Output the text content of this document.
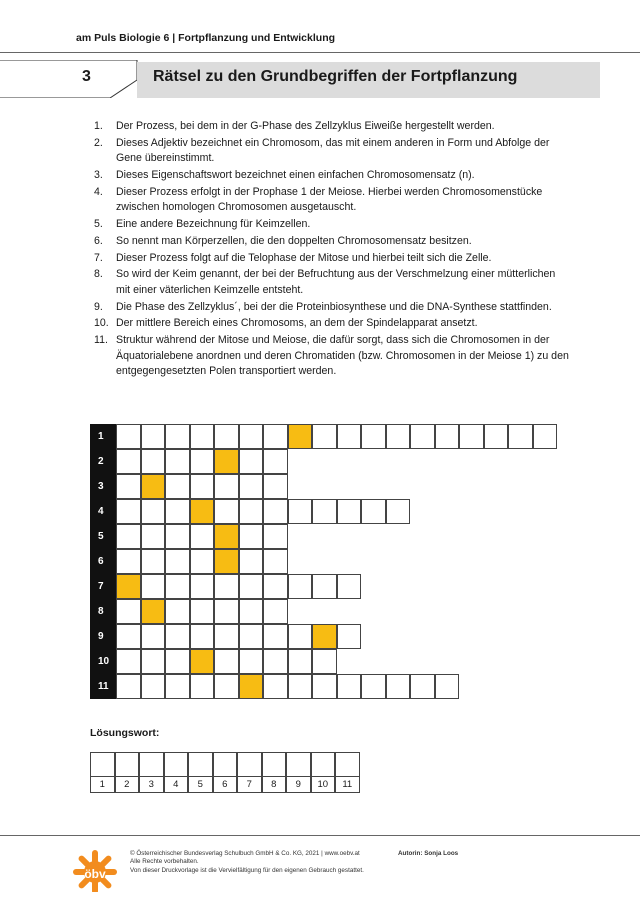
am Puls Biologie 6 | Fortpflanzung und Entwicklung
3	Rätsel zu den Grundbegriffen der Fortpflanzung
1. Der Prozess, bei dem in der G-Phase des Zellzyklus Eiweiße hergestellt werden.
2. Dieses Adjektiv bezeichnet ein Chromosom, das mit einem anderen in Form und Abfolge der Gene übereinstimmt.
3. Dieses Eigenschaftswort bezeichnet einen einfachen Chromosomensatz (n).
4. Dieser Prozess erfolgt in der Prophase 1 der Meiose. Hierbei werden Chromosomenstücke zwischen homologen Chromosomen ausgetauscht.
5. Eine andere Bezeichnung für Keimzellen.
6. So nennt man Körperzellen, die den doppelten Chromosomensatz besitzen.
7. Dieser Prozess folgt auf die Telophase der Mitose und hierbei teilt sich die Zelle.
8. So wird der Keim genannt, der bei der Befruchtung aus der Verschmelzung einer mütterlichen mit einer väterlichen Keimzelle entsteht.
9. Die Phase des Zellzyklus´, bei der die Proteinbiosynthese und die DNA-Synthese stattfinden.
10. Der mittlere Bereich eines Chromosoms, an dem der Spindelapparat ansetzt.
11. Struktur während der Mitose und Meiose, die dafür sorgt, dass sich die Chromosomen in der Äquatorialebene anordnen und deren Chromatiden (bzw. Chromosomen in der Meiose 1) zu den entgegengesetzten Polen transportiert werden.
1
2
3
4
5
6
7
8
9
10
11
Lösungswort:
1	2	3	4	5	6	7	8	9	10	11
öbv
© Österreichischer Bundesverlag Schulbuch GmbH & Co. KG, 2021 | www.oebv.at
Alle Rechte vorbehalten.
Von dieser Druckvorlage ist die Vervielfältigung für den eigenen Gebrauch gestattet.
Autorin: Sonja Loos
